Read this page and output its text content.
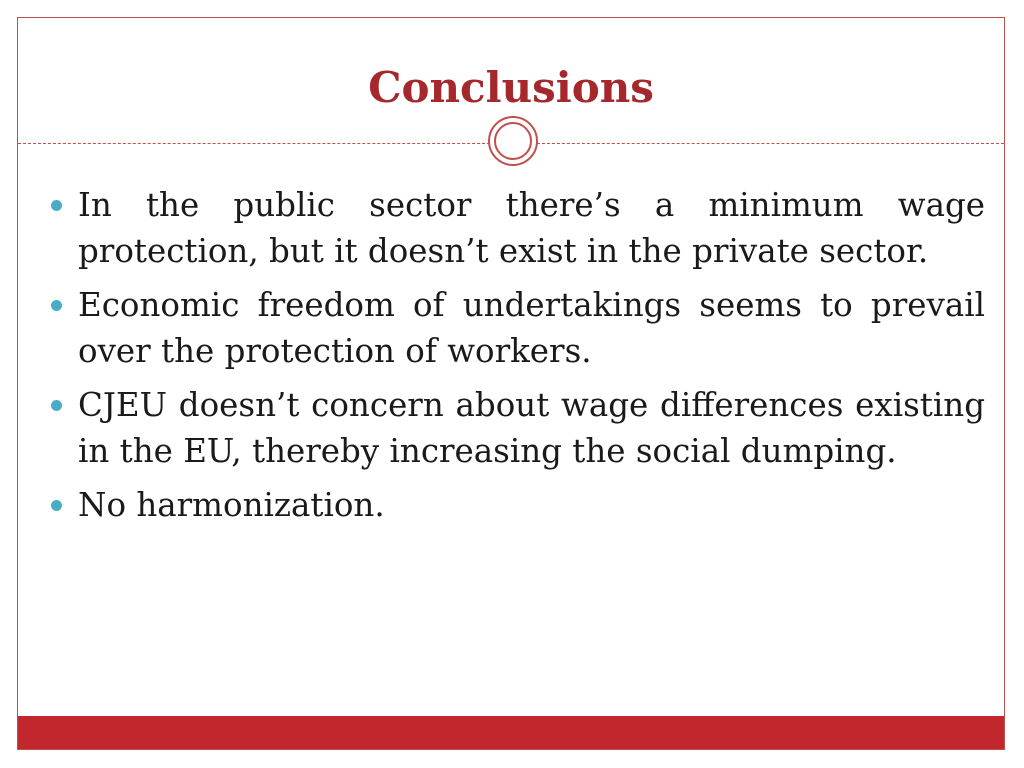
Conclusions
In the public sector there’s a minimum wage protection, but it doesn’t exist in the private sector.
Economic freedom of undertakings seems to prevail over the protection of workers.
CJEU doesn’t concern about wage differences existing in the EU, thereby increasing the social dumping.
No harmonization.
